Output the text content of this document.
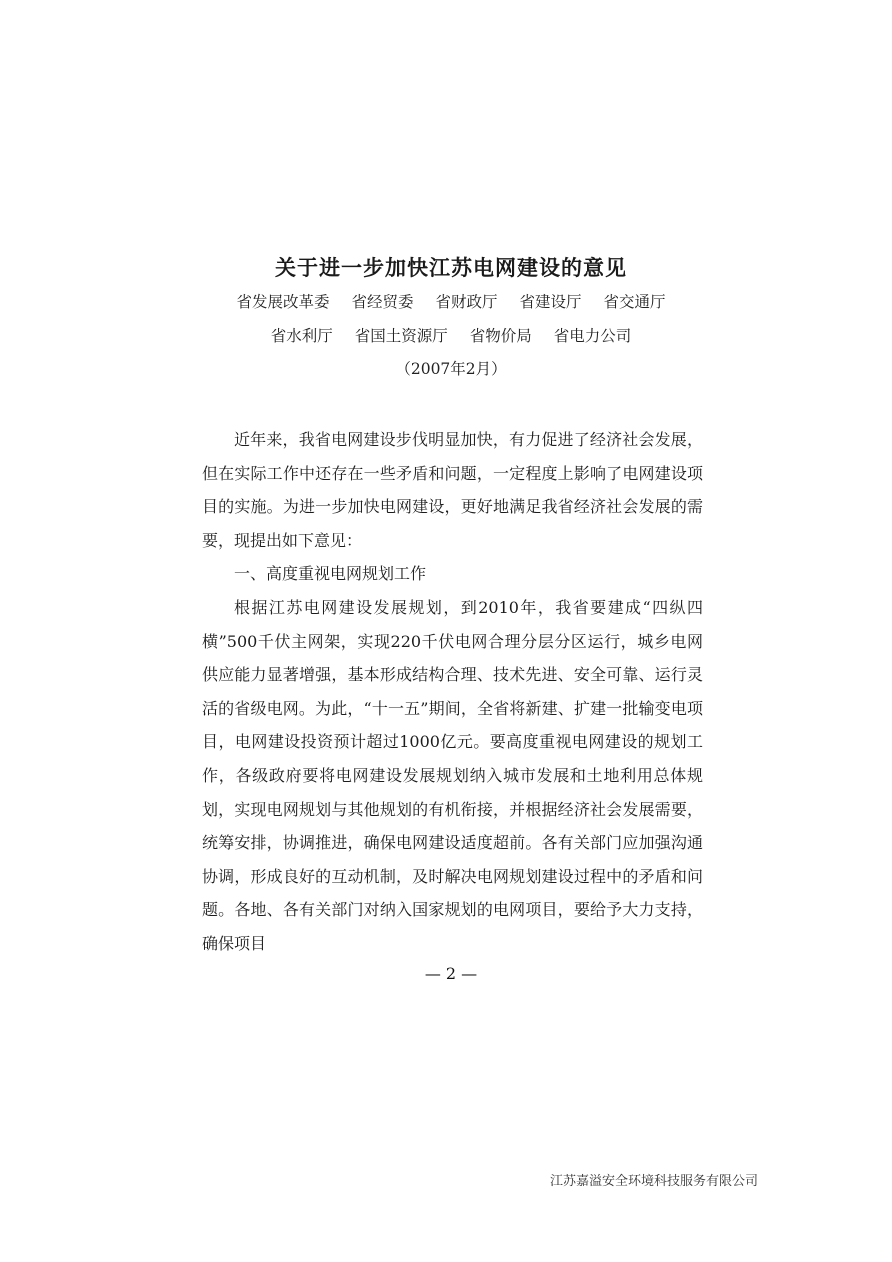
关于进一步加快江苏电网建设的意见
省发展改革委 省经贸委 省财政厅 省建设厅 省交通厅
省水利厅 省国土资源厅 省物价局 省电力公司
（2007年2月）

近年来，我省电网建设步伐明显加快，有力促进了经济社会发展，但在实际工作中还存在一些矛盾和问题，一定程度上影响了电网建设项目的实施。为进一步加快电网建设，更好地满足我省经济社会发展的需要，现提出如下意见：

一、高度重视电网规划工作

根据江苏电网建设发展规划，到2010年，我省要建成“四纵四横”500千伏主网架，实现220千伏电网合理分层分区运行，城乡电网供应能力显著增强，基本形成结构合理、技术先进、安全可靠、运行灵活的省级电网。为此，“十一五”期间，全省将新建、扩建一批输变电项目，电网建设投资预计超过1000亿元。要高度重视电网建设的规划工作，各级政府要将电网建设发展规划纳入城市发展和土地利用总体规划，实现电网规划与其他规划的有机衔接，并根据经济社会发展需要，统筹安排，协调推进，确保电网建设适度超前。各有关部门应加强沟通协调，形成良好的互动机制，及时解决电网规划建设过程中的矛盾和问题。各地、各有关部门对纳入国家规划的电网项目，要给予大力支持，确保项目

— 2 —
江苏嘉溢安全环境科技服务有限公司
